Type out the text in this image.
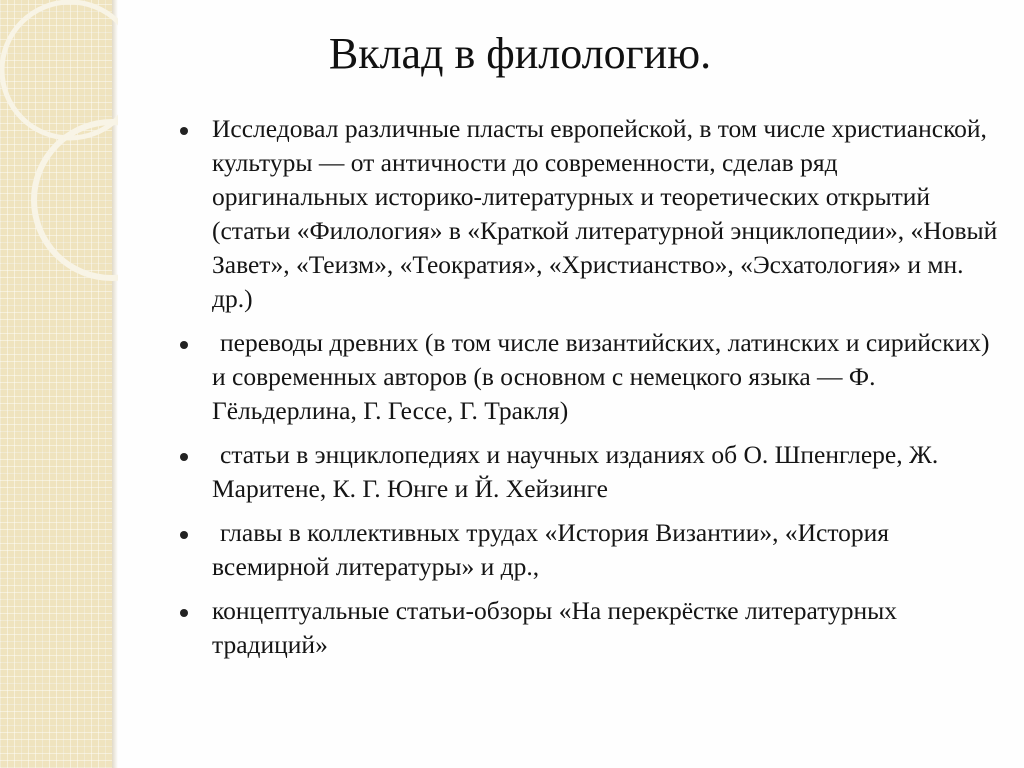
Вклад в филологию.
Исследовал различные пласты европейской, в том числе христианской, культуры — от античности до современности, сделав ряд оригинальных историко-литературных и теоретических открытий (статьи «Филология» в «Краткой литературной энциклопедии», «Новый Завет», «Теизм», «Теократия», «Христианство», «Эсхатология» и мн. др.)
переводы древних (в том числе византийских, латинских и сирийских) и современных авторов (в основном с немецкого языка — Ф. Гёльдерлина, Г. Гессе, Г. Тракля)
статьи в энциклопедиях и научных изданиях об О. Шпенглере, Ж. Маритене, К. Г. Юнге и Й. Хейзинге
главы в коллективных трудах «История Византии», «История всемирной литературы» и др.,
концептуальные статьи-обзоры «На перекрёстке литературных традиций»
